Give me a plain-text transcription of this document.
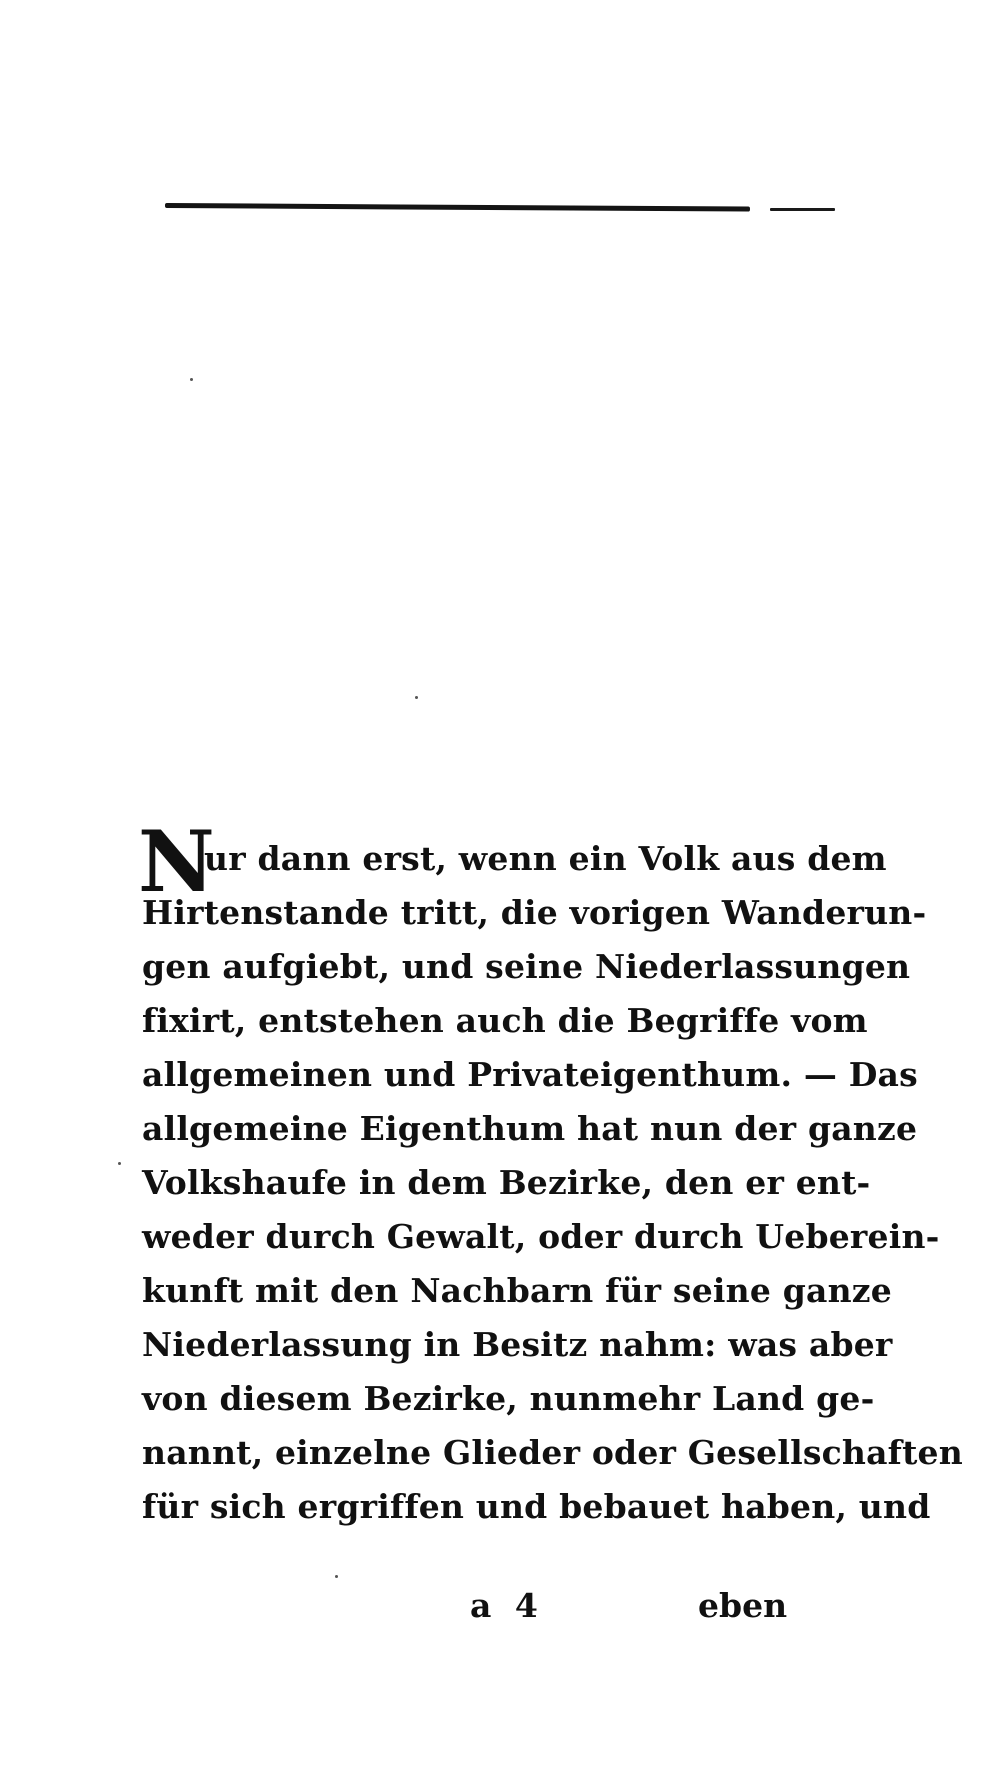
N
ur dann erst, wenn ein Volk aus dem
Hirtenstande tritt, die vorigen Wanderun-
gen aufgiebt, und seine Niederlassungen
fixirt, entstehen auch die Begriffe vom
allgemeinen und Privateigenthum. — Das
allgemeine Eigenthum hat nun der ganze
Volkshaufe in dem Bezirke, den er ent-
weder durch Gewalt, oder durch Ueberein-
kunft mit den Nachbarn für seine ganze
Niederlassung in Besitz nahm: was aber
von diesem Bezirke, nunmehr Land ge-
nannt, einzelne Glieder oder Gesellschaften
für sich ergriffen und bebauet haben, und
a 4	eben
